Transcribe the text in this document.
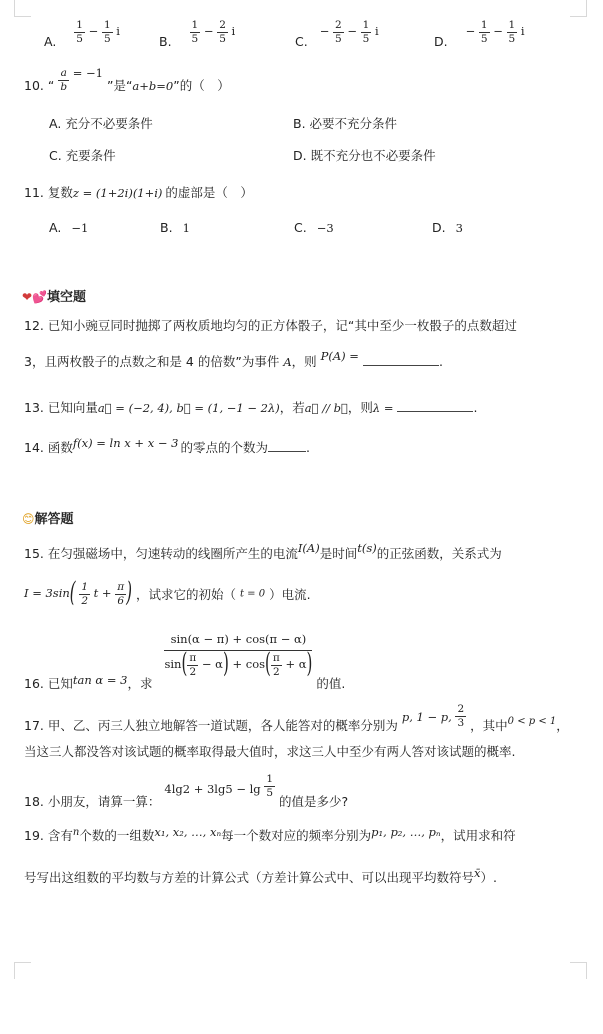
A. $\frac{1}{5} - \frac{1}{5}$ i
B. $\frac{1}{5} - \frac{2}{5}$ i
C. − $\frac{2}{5} - \frac{1}{5}$ i
D. − $\frac{1}{5} - \frac{1}{5}$ i
10. “ $\frac{a}{b} = -1$ ”是“a+b=0”的（　）
A. 充分不必要条件	B. 必要不充分条件
C. 充要条件	D. 既不充分也不必要条件
11. 复数z = (1+2i)(1+i) 的虚部是（　）
A. −1	B. 1	C. −3	D. 3
❤💕填空题
12. 已知小豌豆同时抛掷了两枚质地均匀的正方体骰子，记“其中至少一枚骰子的点数超过
3，且两枚骰子的点数之和是 4 的倍数”为事件 A，则 P(A) =	.
13. 已知向量a⃗ = (−2, 4), b⃗ = (1, −1 − 2λ)，若a⃗ // b⃗，则λ =	.
14. 函数f(x) = ln x + x − 3 的零点的个数为	.
😊解答题
15. 在匀强磁场中，匀速转动的线圈所产生的电流I(A)是时间t(s)的正弦函数，关系式为
$I = 3\sin( \frac{1}{2}$ $t + \frac{\pi}{6}$ ) ，试求它的初始（ t = 0 ）电流.
16. 已知tan α = 3，求
$\frac{\sin(\alpha - \pi) + \cos(\pi - \alpha)}{\sin( \frac{\pi}{2} - \alpha) + \cos( \frac{\pi}{2} + \alpha)}$
的值.
17. 甲、乙、丙三人独立地解答一道试题，各人能答对的概率分别为 p, 1 − p, $\frac{2}{3}$ ，其中$_{0 < p < 1}$，
当这三人都没答对该试题的概率取得最大值时，求这三人中至少有两人答对该试题的概率.
18. 小朋友，请算一算： $4\lg 2 + 3\lg 5 - \lg \frac{1}{5}$
的值是多少?
19. 含有$^n$个数的一组数x₁, x₂, …, xₙ每一个数对应的频率分别为p₁, p₂, …, pₙ，试用求和符
号写出这组数的平均数与方差的计算公式（方差计算公式中、可以出现平均数符号x̄）.
